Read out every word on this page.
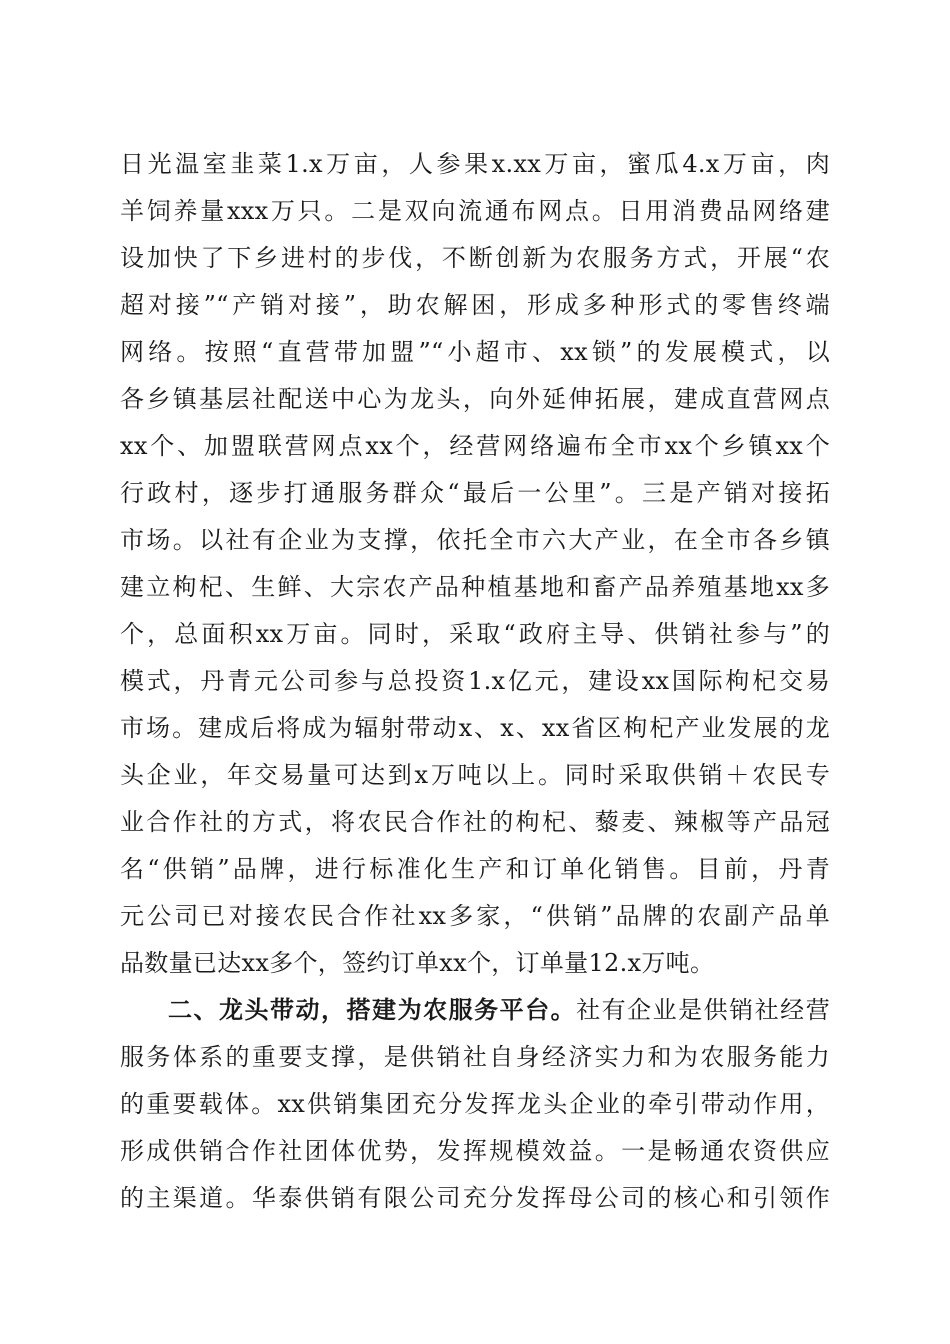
日光温室韭菜1.x万亩，人参果x.xx万亩，蜜瓜4.x万亩，肉
羊饲养量xxx万只。二是双向流通布网点。日用消费品网络建
设加快了下乡进村的步伐，不断创新为农服务方式，开展“农
超对接”“产销对接”，助农解困，形成多种形式的零售终端
网络。按照“直营带加盟”“小超市、xx锁”的发展模式，以
各乡镇基层社配送中心为龙头，向外延伸拓展，建成直营网点
xx个、加盟联营网点xx个，经营网络遍布全市xx个乡镇xx个
行政村，逐步打通服务群众“最后一公里”。三是产销对接拓
市场。以社有企业为支撑，依托全市六大产业，在全市各乡镇
建立枸杞、生鲜、大宗农产品种植基地和畜产品养殖基地xx多
个，总面积xx万亩。同时，采取“政府主导、供销社参与”的
模式，丹青元公司参与总投资1.x亿元，建设xx国际枸杞交易
市场。建成后将成为辐射带动x、x、xx省区枸杞产业发展的龙
头企业，年交易量可达到x万吨以上。同时采取供销＋农民专
业合作社的方式，将农民合作社的枸杞、藜麦、辣椒等产品冠
名“供销”品牌，进行标准化生产和订单化销售。目前，丹青
元公司已对接农民合作社xx多家，“供销”品牌的农副产品单
品数量已达xx多个，签约订单xx个，订单量12.x万吨。
二、龙头带动，搭建为农服务平台。社有企业是供销社经营
服务体系的重要支撑，是供销社自身经济实力和为农服务能力
的重要载体。xx供销集团充分发挥龙头企业的牵引带动作用，
形成供销合作社团体优势，发挥规模效益。一是畅通农资供应
的主渠道。华泰供销有限公司充分发挥母公司的核心和引领作
